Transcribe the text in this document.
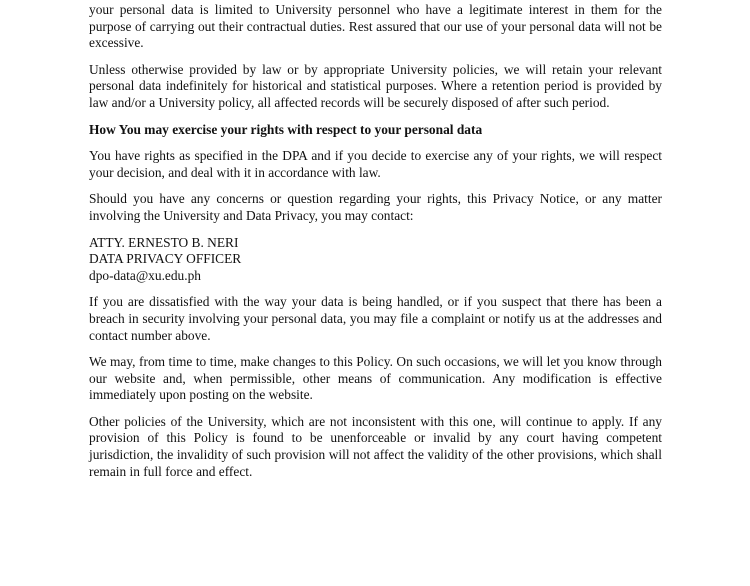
your personal data is limited to University personnel who have a legitimate interest in them for the purpose of carrying out their contractual duties. Rest assured that our use of your personal data will not be excessive.

Unless otherwise provided by law or by appropriate University policies, we will retain your relevant personal data indefinitely for historical and statistical purposes. Where a retention period is provided by law and/or a University policy, all affected records will be securely disposed of after such period.

How You may exercise your rights with respect to your personal data

You have rights as specified in the DPA and if you decide to exercise any of your rights, we will respect your decision, and deal with it in accordance with law.

Should you have any concerns or question regarding your rights, this Privacy Notice, or any matter involving the University and Data Privacy, you may contact:

ATTY. ERNESTO B. NERI
DATA PRIVACY OFFICER
dpo-data@xu.edu.ph

If you are dissatisfied with the way your data is being handled, or if you suspect that there has been a breach in security involving your personal data, you may file a complaint or notify us at the addresses and contact number above.

We may, from time to time, make changes to this Policy. On such occasions, we will let you know through our website and, when permissible, other means of communication. Any modification is effective immediately upon posting on the website.

Other policies of the University, which are not inconsistent with this one, will continue to apply. If any provision of this Policy is found to be unenforceable or invalid by any court having competent jurisdiction, the invalidity of such provision will not affect the validity of the other provisions, which shall remain in full force and effect.
